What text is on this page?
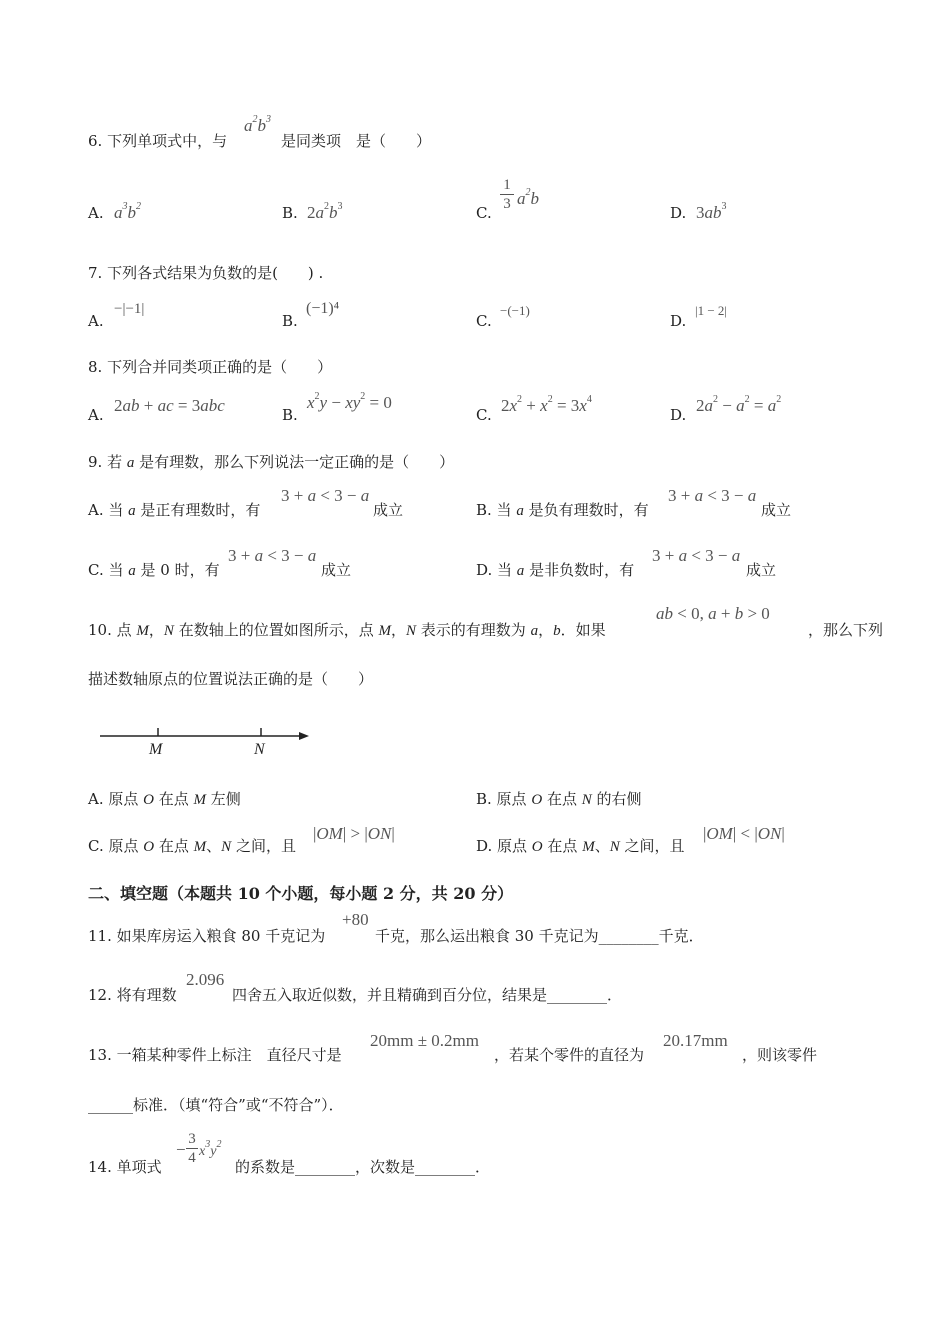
6. 下列单项式中，与
$a^2b^3$
是同类项　是（　　）
A. $a^3b^2$	B. $2a^2b^3$	C.
1
3 $a^2b$
D. $3ab^3$
7. 下列各式结果为负数的是(　　) .
A.
−|−1|
B.
(−1)⁴
C.
−(−1)
D.
|1 − 2|
8. 下列合并同类项正确的是（　　）
A. 2ab + ac = 3abc	B.
$x^2y - xy^2 = 0$
C. $2x^2 + x^2 = 3x^4$
D. $2a^2 - a^2 = a^2$
9. 若 a 是有理数，那么下列说法一定正确的是（　　）
A. 当 a 是正有理数时，有
3 + a < 3 − a
成立	B. 当 a 是负有理数时，有
3 + a < 3 − a
成立
C. 当 a 是 0 时，有
3 + a < 3 − a
成立	D. 当 a 是非负数时，有
3 + a < 3 − a
成立
10. 点 M，N 在数轴上的位置如图所示，点 M，N 表示的有理数为 a，b．如果
ab < 0, a + b > 0
，那么下列
描述数轴原点的位置说法正确的是（　　）
M	N
A. 原点 O 在点 M 左侧	B. 原点 O 在点 N 的右侧
C. 原点 O 在点 M、N 之间，且
|OM| > |ON|
D. 原点 O 在点 M、N 之间，且
|OM| < |ON|
二、填空题（本题共 10 个小题，每小题 2 分，共 20 分）
11. 如果库房运入粮食 80 千克记为
+80
千克，那么运出粮食 30 千克记为________千克．
12. 将有理数
2.096
四舍五入取近似数，并且精确到百分位，结果是________．
13. 一箱某种零件上标注　直径尺寸是
20mm ± 0.2mm
，若某个零件的直径为
20.17mm
，则该零件
______标准．（填“符合”或“不符合”）．
14. 单项式
−
3
4 $x^3y^2$
的系数是________，次数是________．
